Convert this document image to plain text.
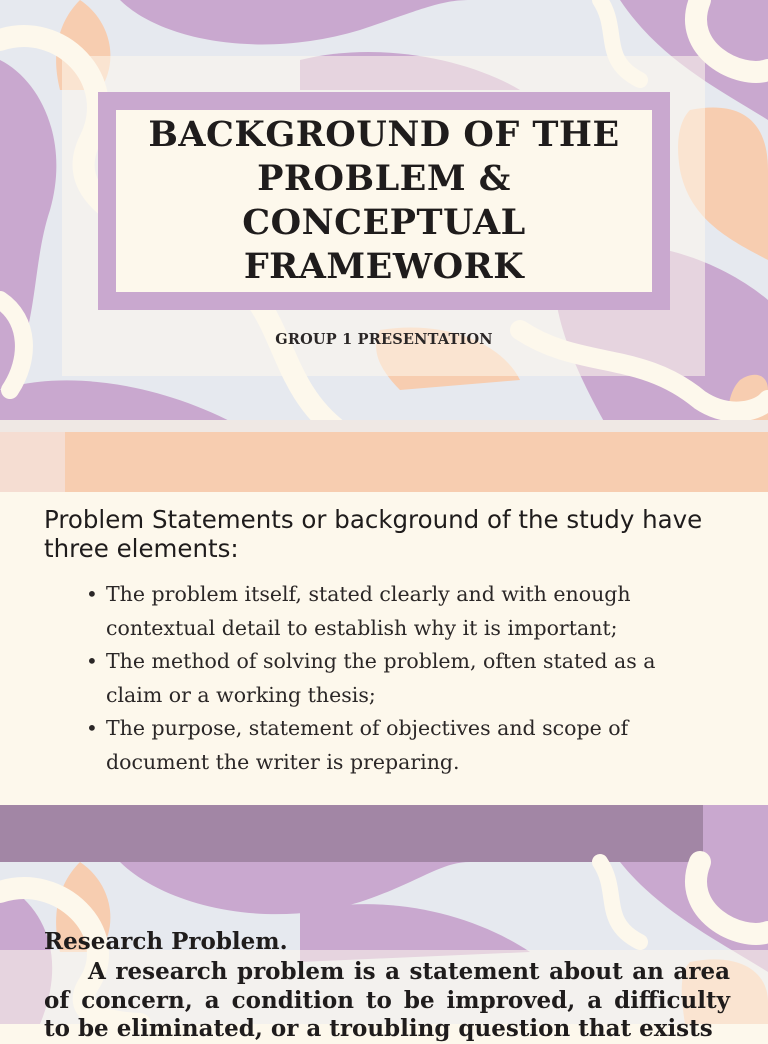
BACKGROUND OF THE PROBLEM & CONCEPTUAL FRAMEWORK
GROUP 1 PRESENTATION
Problem Statements or background of the study have three elements:
• The problem itself, stated clearly and with enough contextual detail to establish why it is important;
• The method of solving the problem, often stated as a claim or a working thesis;
• The purpose, statement of objectives and scope of document the writer is preparing.
Research Problem.

A research problem is a statement about an area of concern, a condition to be improved, a difficulty to be eliminated, or a troubling question that exists
